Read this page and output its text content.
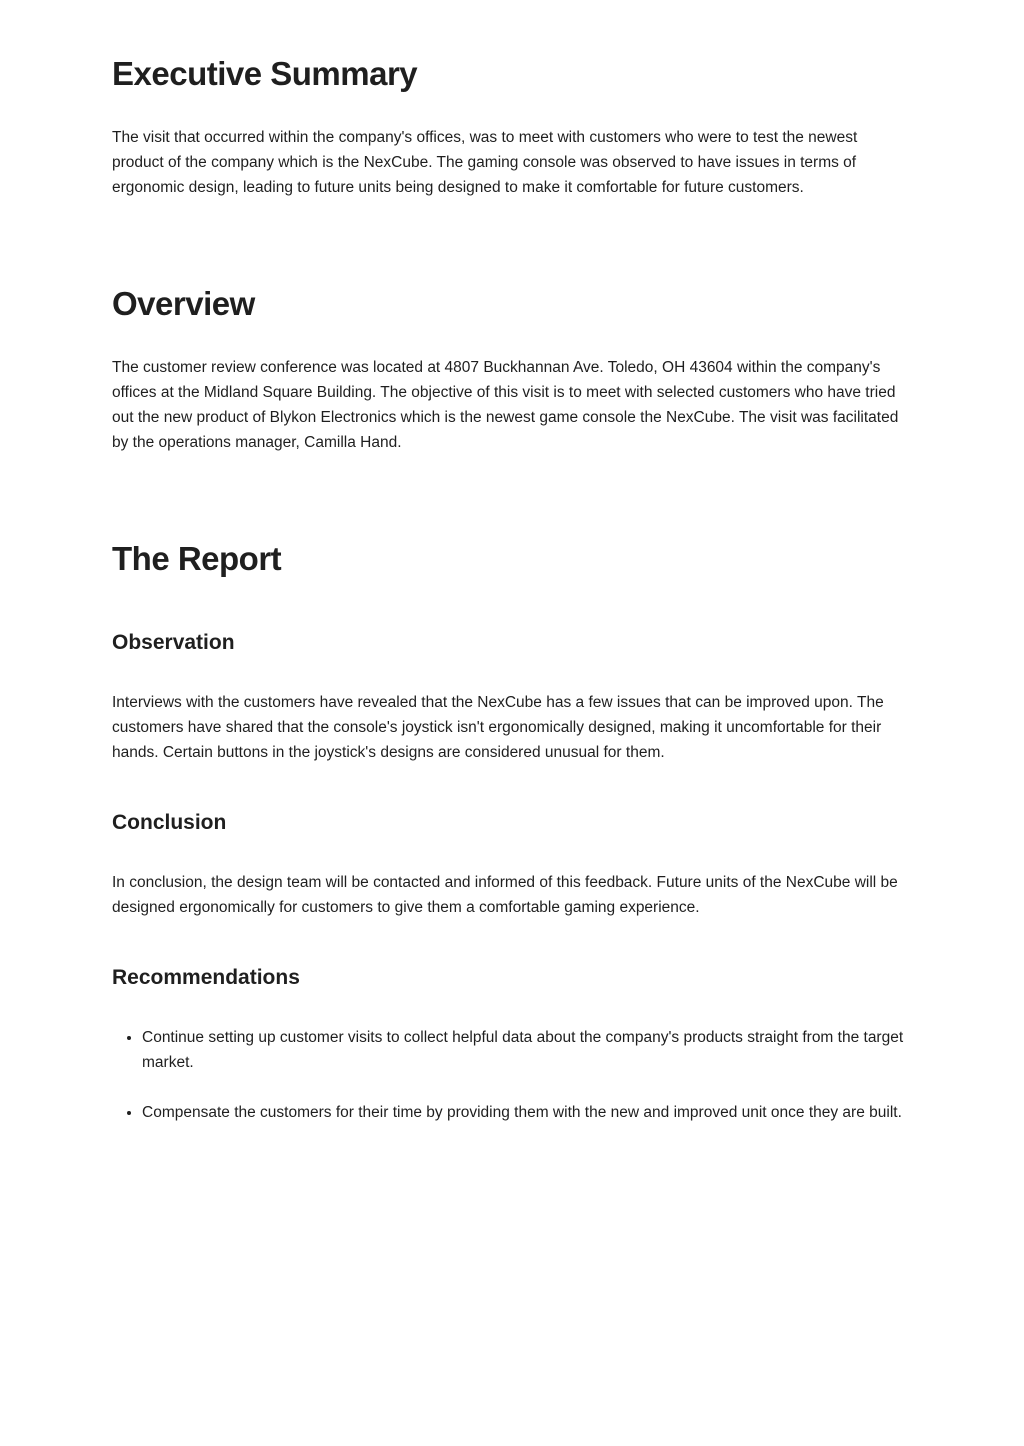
Executive Summary

The visit that occurred within the company's offices, was to meet with customers who were to test the newest product of the company which is the NexCube. The gaming console was observed to have issues in terms of ergonomic design, leading to future units being designed to make it comfortable for future customers.

Overview

The customer review conference was located at 4807 Buckhannan Ave. Toledo, OH 43604 within the company's offices at the Midland Square Building. The objective of this visit is to meet with selected customers who have tried out the new product of Blykon Electronics which is the newest game console the NexCube. The visit was facilitated by the operations manager, Camilla Hand.

The Report
Observation

Interviews with the customers have revealed that the NexCube has a few issues that can be improved upon. The customers have shared that the console's joystick isn't ergonomically designed, making it uncomfortable for their hands. Certain buttons in the joystick's designs are considered unusual for them.

Conclusion

In conclusion, the design team will be contacted and informed of this feedback. Future units of the NexCube will be designed ergonomically for customers to give them a comfortable gaming experience.

Recommendations
• Continue setting up customer visits to collect helpful data about the company's products straight from the target market.
• Compensate the customers for their time by providing them with the new and improved unit once they are built.
